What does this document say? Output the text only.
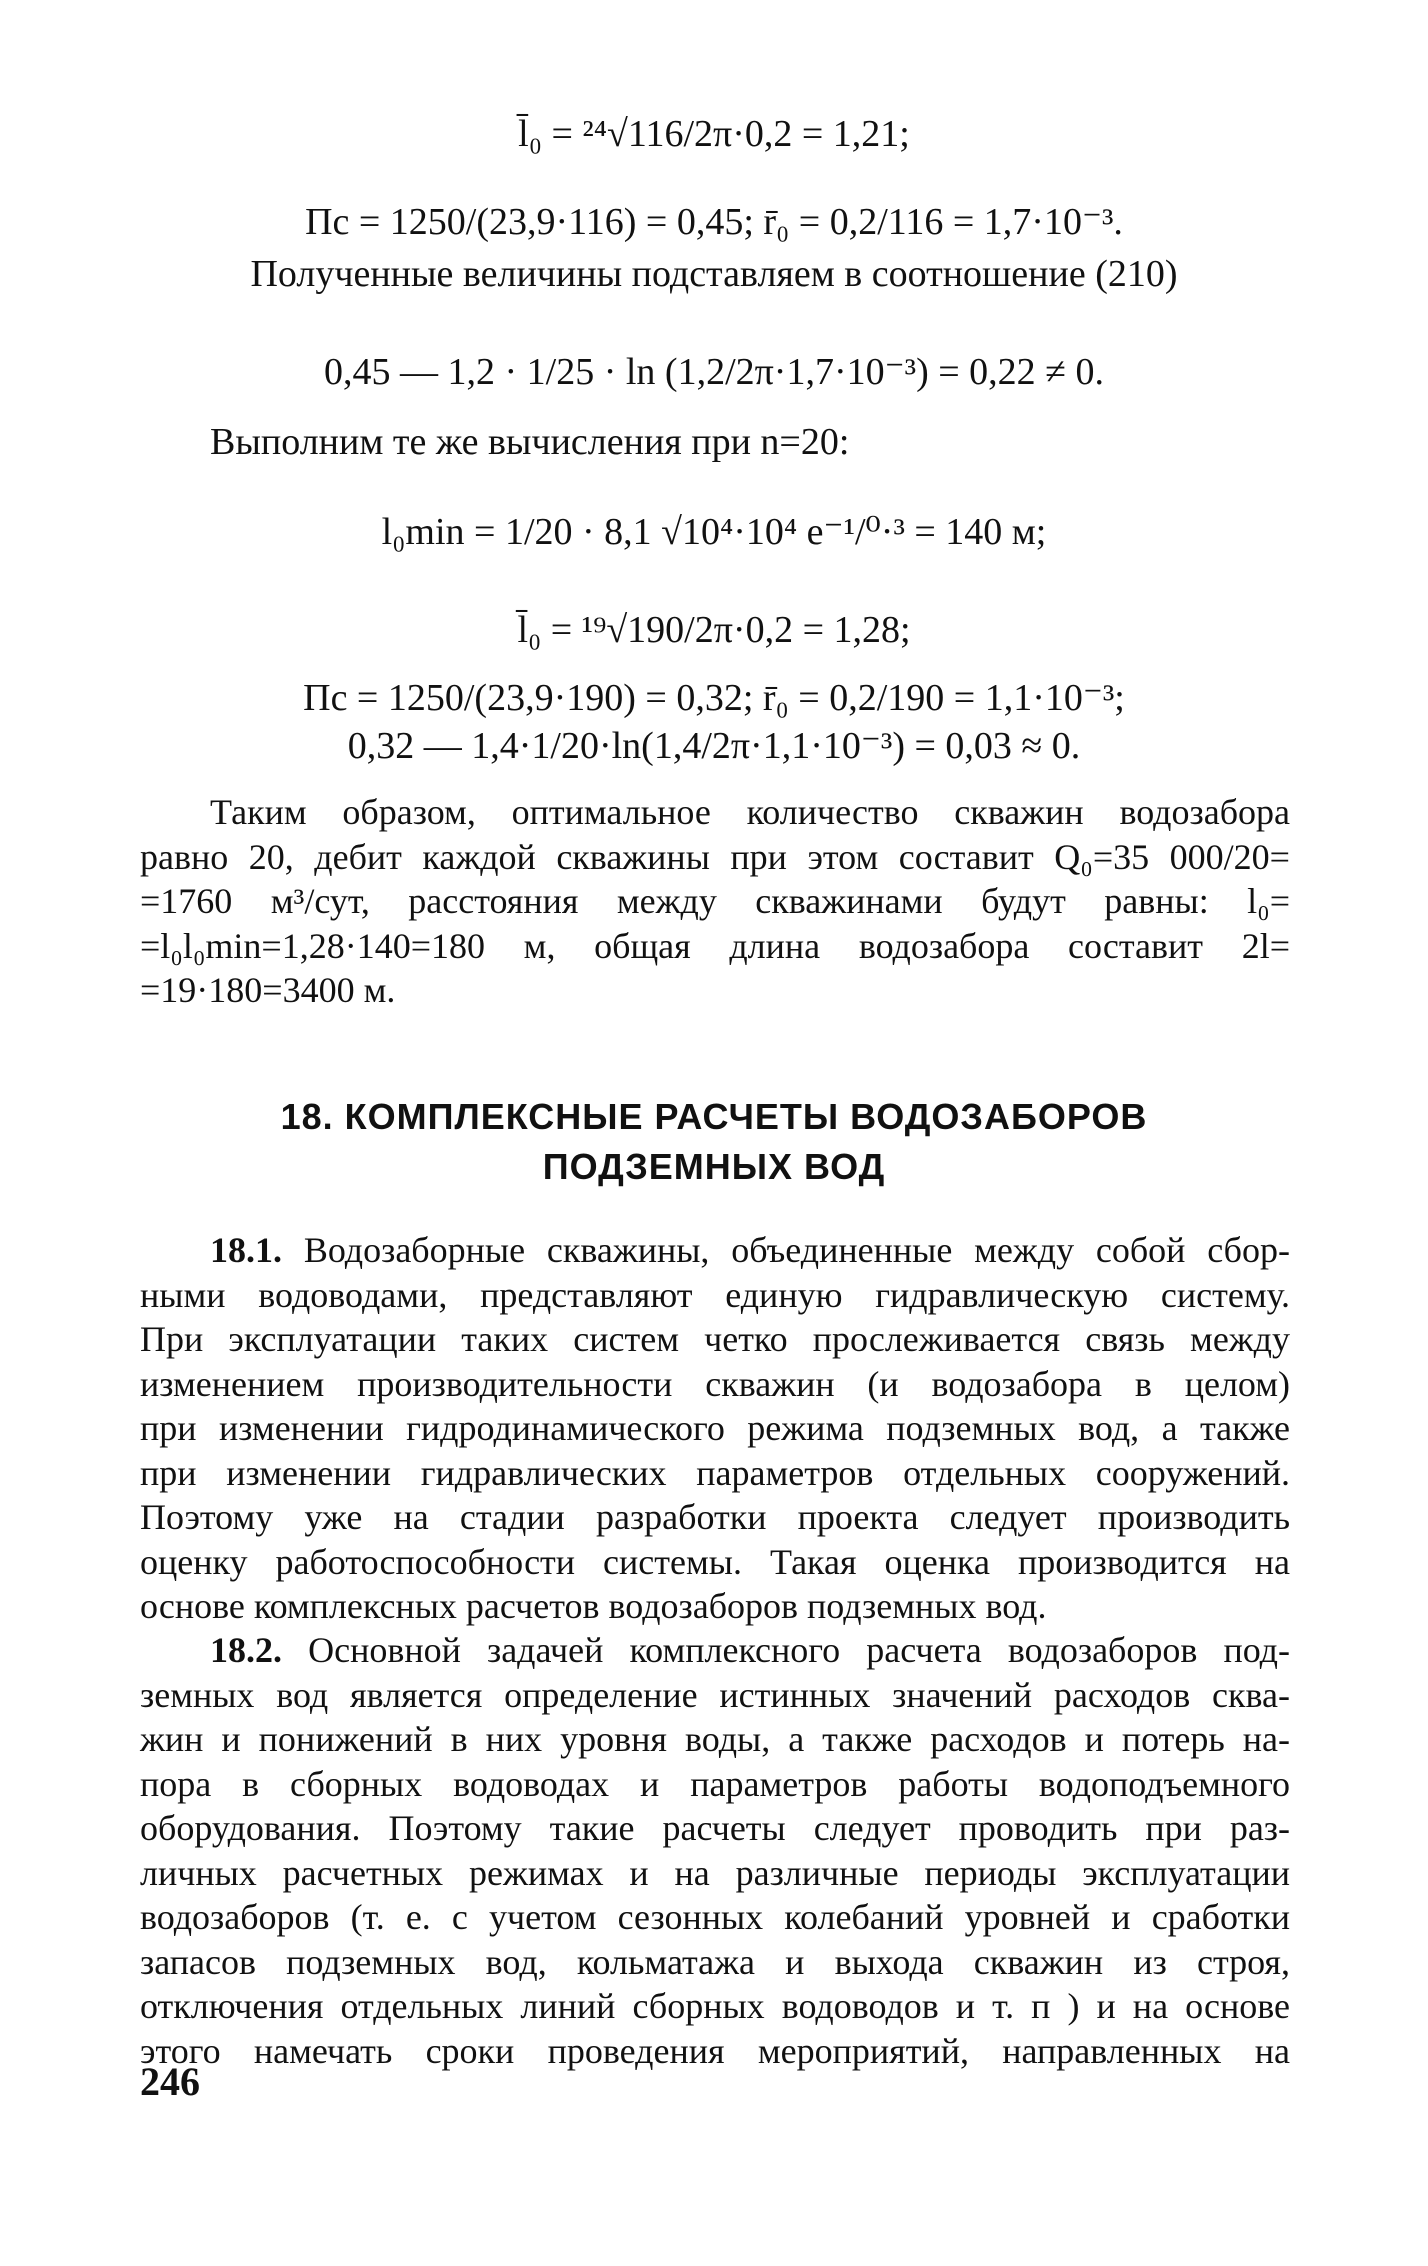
l̄₀ = ²⁴√116/2π·0,2 = 1,21;
Пс = 1250/(23,9·116) = 0,45; r̄₀ = 0,2/116 = 1,7·10⁻³.
Полученные величины подставляем в соотношение (210)
0,45 — 1,2 · 1/25 · ln (1,2/2π·1,7·10⁻³) = 0,22 ≠ 0.
Выполним те же вычисления при n=20:
l₀min = 1/20 · 8,1 √10⁴·10⁴ e⁻¹/⁰·³ = 140 м;
l̄₀ = ¹⁹√190/2π·0,2 = 1,28;
Пс = 1250/(23,9·190) = 0,32; r̄₀ = 0,2/190 = 1,1·10⁻³;
0,32 — 1,4·1/20·ln(1,4/2π·1,1·10⁻³) = 0,03 ≈ 0.
Таким образом, оптимальное количество скважин водозабора
равно 20, дебит каждой скважины при этом составит Q₀=35 000/20=
=1760 м³/сут, расстояния между скважинами будут равны: l₀=
=l₀l₀min=1,28·140=180 м, общая длина водозабора составит 2l=
=19·180=3400 м.
18. КОМПЛЕКСНЫЕ РАСЧЕТЫ ВОДОЗАБОРОВ
ПОДЗЕМНЫХ ВОД
18.1. Водозаборные скважины, объединенные между собой сбор-
ными водоводами, представляют единую гидравлическую систему.
При эксплуатации таких систем четко прослеживается связь между
изменением производительности скважин (и водозабора в целом)
при изменении гидродинамического режима подземных вод, а также
при изменении гидравлических параметров отдельных сооружений.
Поэтому уже на стадии разработки проекта следует производить
оценку работоспособности системы. Такая оценка производится на
основе комплексных расчетов водозаборов подземных вод.
18.2. Основной задачей комплексного расчета водозаборов под-
земных вод является определение истинных значений расходов сква-
жин и понижений в них уровня воды, а также расходов и потерь на-
пора в сборных водоводах и параметров работы водоподъемного
оборудования. Поэтому такие расчеты следует проводить при раз-
личных расчетных режимах и на различные периоды эксплуатации
водозаборов (т. е. с учетом сезонных колебаний уровней и сработки
запасов подземных вод, кольматажа и выхода скважин из строя,
отключения отдельных линий сборных водоводов и т. п ) и на основе
этого намечать сроки проведения мероприятий, направленных на
246
